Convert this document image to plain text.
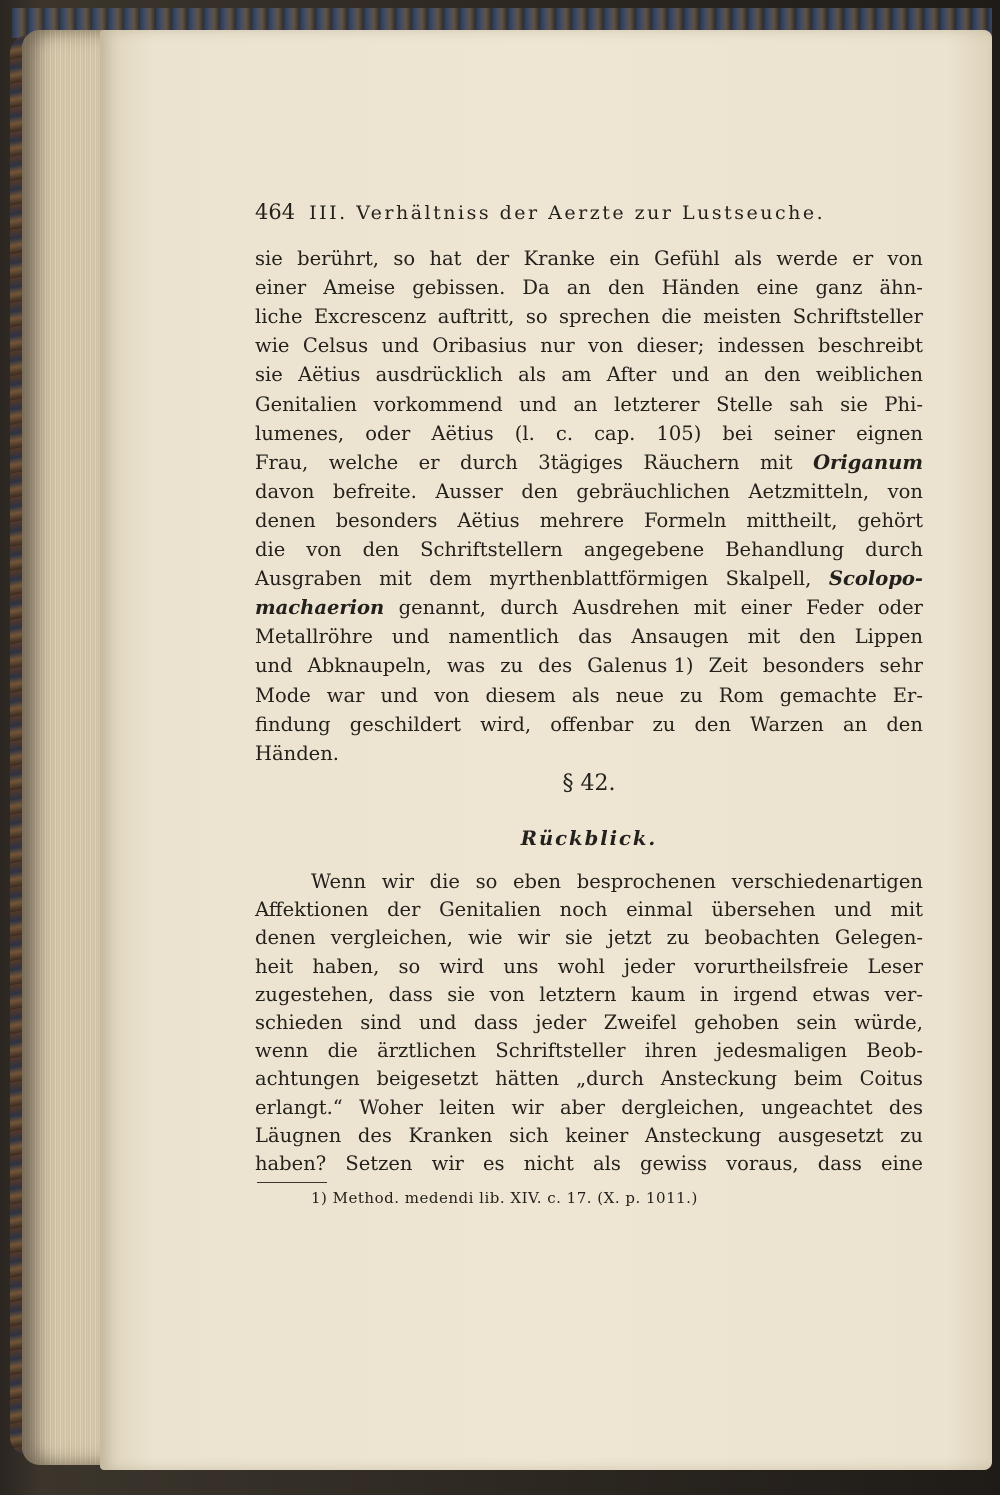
464 III. Verhältniss der Aerzte zur Lustseuche.
sie berührt, so hat der Kranke ein Gefühl als werde er von
einer Ameise gebissen. Da an den Händen eine ganz ähn-
liche Excrescenz auftritt, so sprechen die meisten Schriftsteller
wie Celsus und Oribasius nur von dieser; indessen beschreibt
sie Aëtius ausdrücklich als am After und an den weiblichen
Genitalien vorkommend und an letzterer Stelle sah sie Phi-
lumenes, oder Aëtius (l. c. cap. 105) bei seiner eignen
Frau, welche er durch 3tägiges Räuchern mit Origanum
davon befreite. Ausser den gebräuchlichen Aetzmitteln, von
denen besonders Aëtius mehrere Formeln mittheilt, gehört
die von den Schriftstellern angegebene Behandlung durch
Ausgraben mit dem myrthenblattförmigen Skalpell, Scolopo-
machaerion genannt, durch Ausdrehen mit einer Feder oder
Metallröhre und namentlich das Ansaugen mit den Lippen
und Abknaupeln, was zu des Galenus 1) Zeit besonders sehr
Mode war und von diesem als neue zu Rom gemachte Er-
findung geschildert wird, offenbar zu den Warzen an den
Händen.
§ 42.
Rückblick.
Wenn wir die so eben besprochenen verschiedenartigen
Affektionen der Genitalien noch einmal übersehen und mit
denen vergleichen, wie wir sie jetzt zu beobachten Gelegen-
heit haben, so wird uns wohl jeder vorurtheilsfreie Leser
zugestehen, dass sie von letztern kaum in irgend etwas ver-
schieden sind und dass jeder Zweifel gehoben sein würde,
wenn die ärztlichen Schriftsteller ihren jedesmaligen Beob-
achtungen beigesetzt hätten „durch Ansteckung beim Coitus
erlangt.“ Woher leiten wir aber dergleichen, ungeachtet des
Läugnen des Kranken sich keiner Ansteckung ausgesetzt zu
haben? Setzen wir es nicht als gewiss voraus, dass eine
1) Method. medendi lib. XIV. c. 17. (X. p. 1011.)
